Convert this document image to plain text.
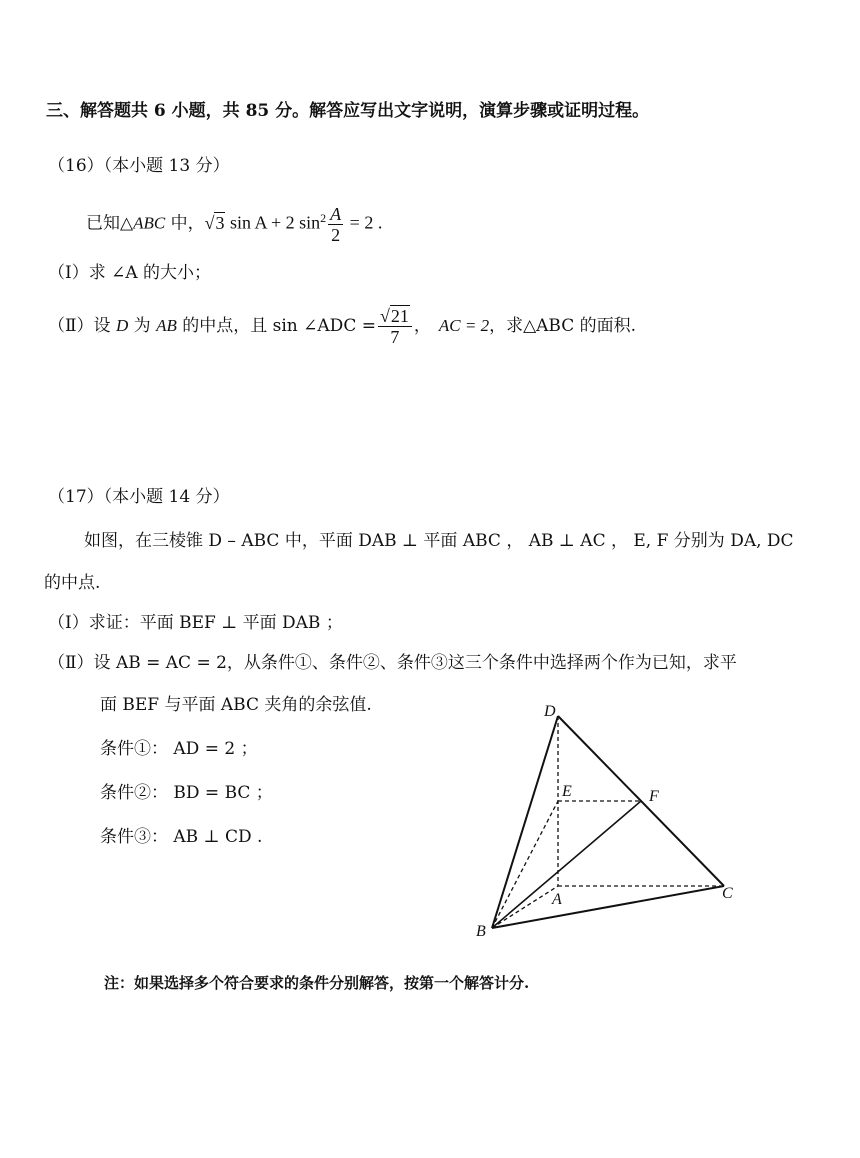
三、解答题共 6 小题，共 85 分。解答应写出文字说明，演算步骤或证明过程。
（16）（本小题 13 分）
已知△ABC 中，√3 sin A + 2 $\sin^2 \frac{A}{2} = 2$ .
（Ⅰ）求 ∠A 的大小；
（Ⅱ）设 D 为 AB 的中点，且 sin ∠ADC = $\frac{√21}{7}$ ， AC = 2，求△ABC 的面积.
（17）（本小题 14 分）
如图，在三棱锥 D – ABC 中，平面 DAB ⊥ 平面 ABC ， AB ⊥ AC ， E, F 分别为 DA, DC
的中点.
（Ⅰ）求证：平面 BEF ⊥ 平面 DAB ；
（Ⅱ）设 AB = AC = 2，从条件①、条件②、条件③这三个条件中选择两个作为已知，求平
面 BEF 与平面 ABC 夹角的余弦值.
条件①： AD = 2 ；
条件②： BD = BC ；
条件③： AB ⊥ CD .
D
E	F
A
B
C
注：如果选择多个符合要求的条件分别解答，按第一个解答计分.
